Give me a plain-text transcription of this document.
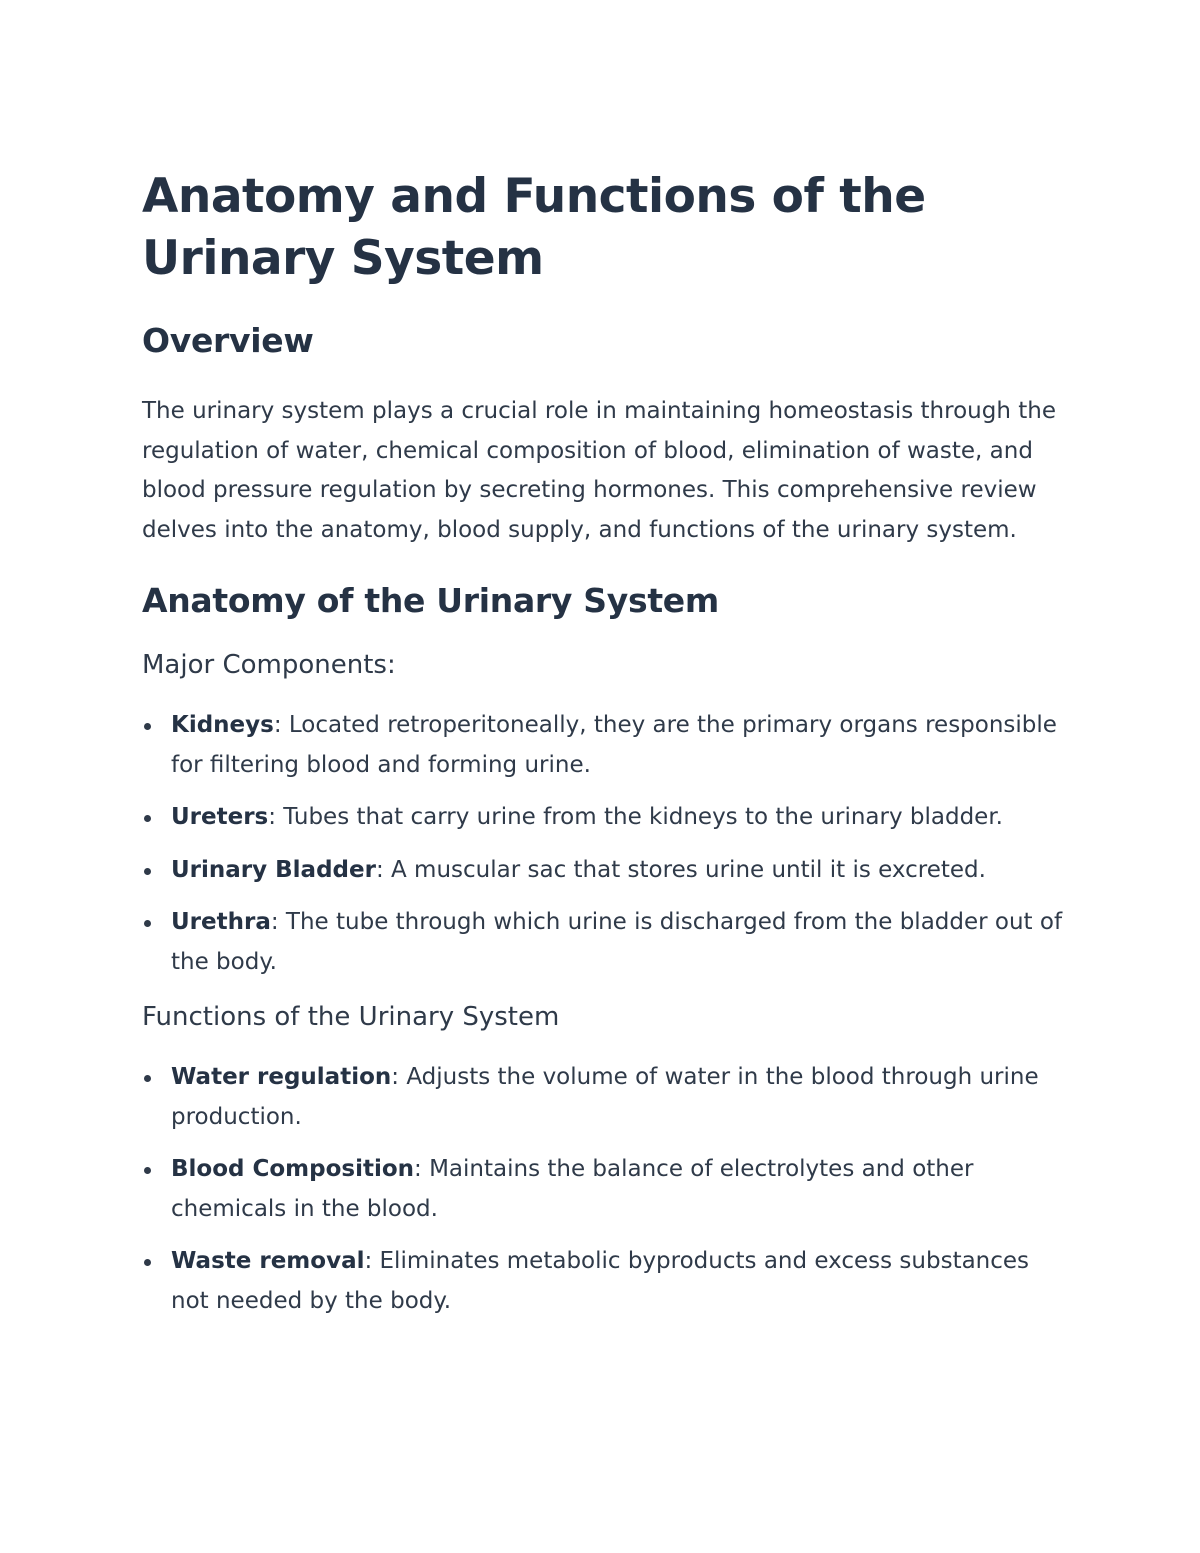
Anatomy and Functions of the Urinary System
Overview

The urinary system plays a crucial role in maintaining homeostasis through the regulation of water, chemical composition of blood, elimination of waste, and blood pressure regulation by secreting hormones. This comprehensive review delves into the anatomy, blood supply, and functions of the urinary system.

Anatomy of the Urinary System
Major Components:
Kidneys: Located retroperitoneally, they are the primary organs responsible for filtering blood and forming urine.
Ureters: Tubes that carry urine from the kidneys to the urinary bladder.
Urinary Bladder: A muscular sac that stores urine until it is excreted.
Urethra: The tube through which urine is discharged from the bladder out of the body.
Functions of the Urinary System
Water regulation: Adjusts the volume of water in the blood through urine production.
Blood Composition: Maintains the balance of electrolytes and other chemicals in the blood.
Waste removal: Eliminates metabolic byproducts and excess substances not needed by the body.
